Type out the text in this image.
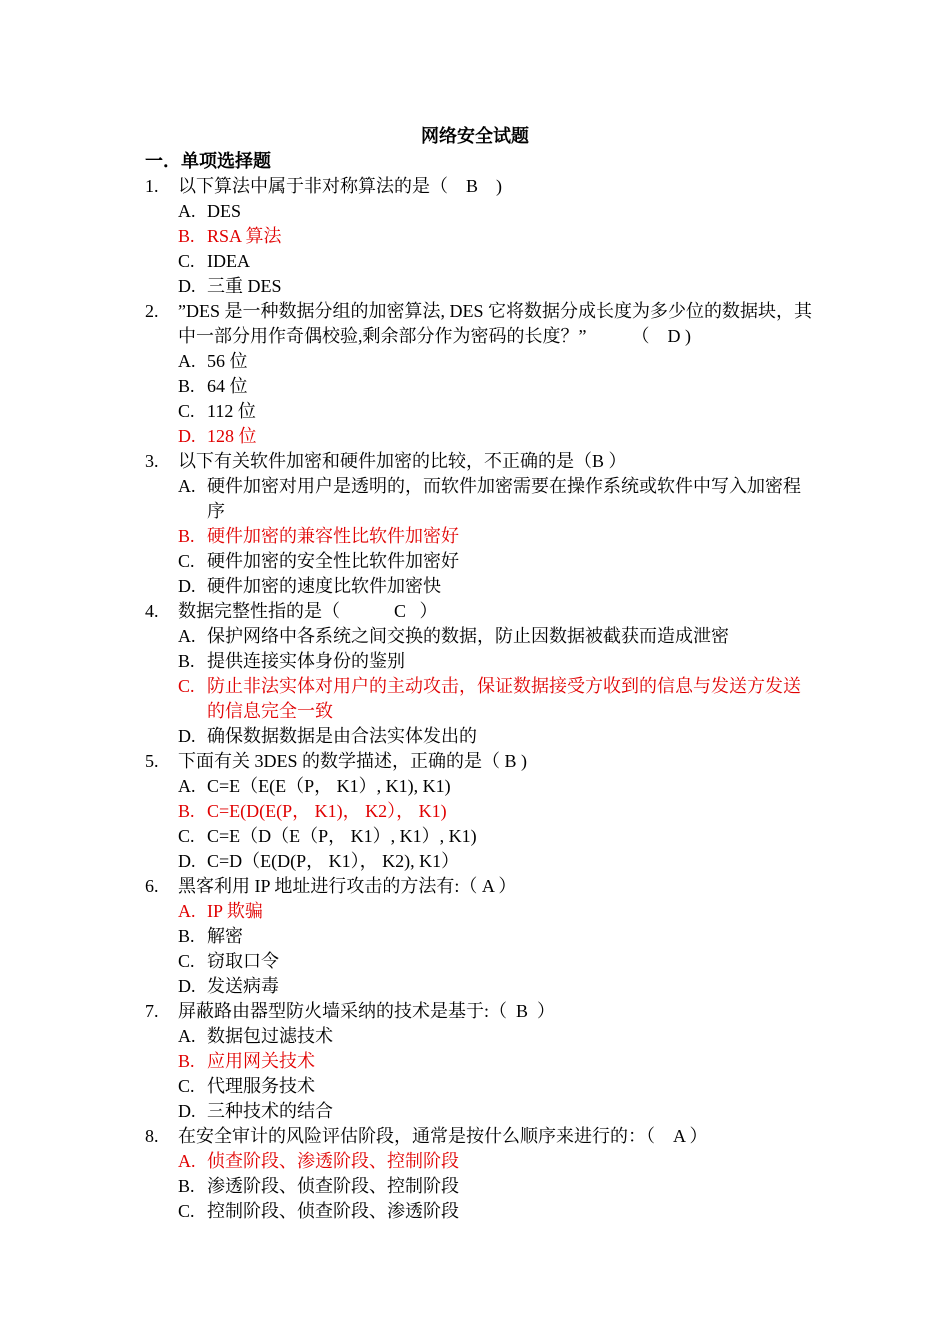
网络安全试题
一．单项选择题
1.	以下算法中属于非对称算法的是（    B    )
A. DES
B. RSA 算法
C. IDEA
D. 三重 DES
2.	”DES 是一种数据分组的加密算法, DES 它将数据分成长度为多少位的数据块，其中一部分用作奇偶校验,剩余部分作为密码的长度？”          （    D )
A. 56 位
B. 64 位
C. 112 位
D. 128 位
3.	以下有关软件加密和硬件加密的比较，不正确的是（B ）
A. 硬件加密对用户是透明的，而软件加密需要在操作系统或软件中写入加密程序
B. 硬件加密的兼容性比软件加密好
C. 硬件加密的安全性比软件加密好
D. 硬件加密的速度比软件加密快
4.	数据完整性指的是（            C   ）
A. 保护网络中各系统之间交换的数据，防止因数据被截获而造成泄密
B. 提供连接实体身份的鉴别
C. 防止非法实体对用户的主动攻击，保证数据接受方收到的信息与发送方发送的信息完全一致
D. 确保数据数据是由合法实体发出的
5.	下面有关 3DES 的数学描述，正确的是（ B )
A. C=E（E(E（P， K1）, K1), K1)
B. C=E(D(E(P， K1)， K2）， K1)
C. C=E（D（E（P， K1）, K1）, K1)
D. C=D（E(D(P， K1）， K2), K1）
6.	黑客利用 IP 地址进行攻击的方法有:（ A ）
A. IP 欺骗
B. 解密
C. 窃取口令
D. 发送病毒
7.	屏蔽路由器型防火墙采纳的技术是基于:（  B  ）
A. 数据包过滤技术
B. 应用网关技术
C. 代理服务技术
D. 三种技术的结合
8.	在安全审计的风险评估阶段，通常是按什么顺序来进行的：（    A ）
A. 侦查阶段、渗透阶段、控制阶段
B. 渗透阶段、侦查阶段、控制阶段
C. 控制阶段、侦查阶段、渗透阶段
